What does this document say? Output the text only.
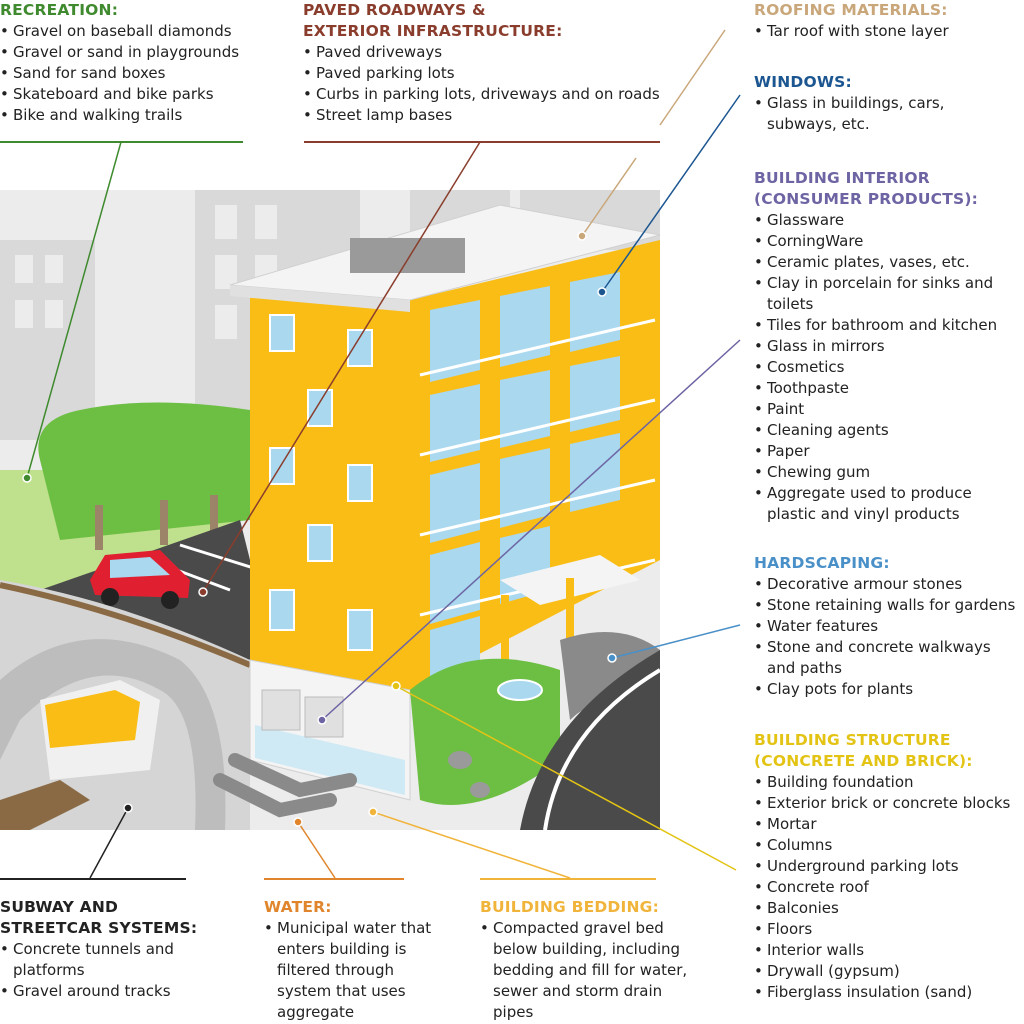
RECREATION:
• Gravel on baseball diamonds
• Gravel or sand in playgrounds
• Sand for sand boxes
• Skateboard and bike parks
• Bike and walking trails
PAVED ROADWAYS &
EXTERIOR INFRASTRUCTURE:
• Paved driveways
• Paved parking lots
• Curbs in parking lots, driveways and on roads
• Street lamp bases
ROOFING MATERIALS:
• Tar roof with stone layer
WINDOWS:
• Glass in buildings, cars, subways, etc.
BUILDING INTERIOR
(CONSUMER PRODUCTS):
• Glassware
• CorningWare
• Ceramic plates, vases, etc.
• Clay in porcelain for sinks and toilets
• Tiles for bathroom and kitchen
• Glass in mirrors
• Cosmetics
• Toothpaste
• Paint
• Cleaning agents
• Paper
• Chewing gum
• Aggregate used to produce plastic and vinyl products
HARDSCAPING:
• Decorative armour stones
• Stone retaining walls for gardens
• Water features
• Stone and concrete walkways and paths
• Clay pots for plants
BUILDING STRUCTURE
(CONCRETE AND BRICK):
• Building foundation
• Exterior brick or concrete blocks
• Mortar
• Columns
• Underground parking lots
• Concrete roof
• Balconies
• Floors
• Interior walls
• Drywall (gypsum)
• Fiberglass insulation (sand)
SUBWAY AND
STREETCAR SYSTEMS:
• Concrete tunnels and platforms
• Gravel around tracks
WATER:
• Municipal water that enters building is filtered through system that uses aggregate
BUILDING BEDDING:
• Compacted gravel bed below building, including bedding and fill for water, sewer and storm drain pipes
